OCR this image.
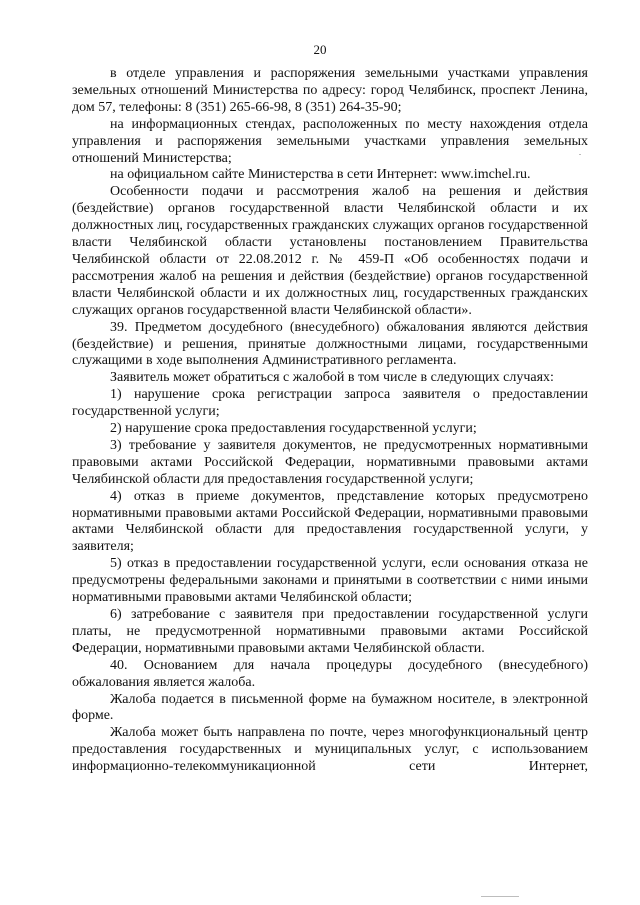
20

в отделе управления и распоряжения земельными участками управления земельных отношений Министерства по адресу: город Челябинск, проспект Ленина, дом 57, телефоны: 8 (351) 265-66-98, 8 (351) 264-35-90;

на информационных стендах, расположенных по месту нахождения отдела управления и распоряжения земельными участками управления земельных отношений Министерства;

на официальном сайте Министерства в сети Интернет: www.imchel.ru.

Особенности подачи и рассмотрения жалоб на решения и действия (бездействие) органов государственной власти Челябинской области и их должностных лиц, государственных гражданских служащих органов государственной власти Челябинской области установлены постановлением Правительства Челябинской области от 22.08.2012 г. № 459-П «Об особенностях подачи и рассмотрения жалоб на решения и действия (бездействие) органов государственной власти Челябинской области и их должностных лиц, государственных гражданских служащих органов государственной власти Челябинской области».

39. Предметом досудебного (внесудебного) обжалования являются действия (бездействие) и решения, принятые должностными лицами, государственными служащими в ходе выполнения Административного регламента.

Заявитель может обратиться с жалобой в том числе в следующих случаях:

1) нарушение срока регистрации запроса заявителя о предоставлении государственной услуги;

2) нарушение срока предоставления государственной услуги;

3) требование у заявителя документов, не предусмотренных нормативными правовыми актами Российской Федерации, нормативными правовыми актами Челябинской области для предоставления государственной услуги;

4) отказ в приеме документов, представление которых предусмотрено нормативными правовыми актами Российской Федерации, нормативными правовыми актами Челябинской области для предоставления государственной услуги, у заявителя;

5) отказ в предоставлении государственной услуги, если основания отказа не предусмотрены федеральными законами и принятыми в соответствии с ними иными нормативными правовыми актами Челябинской области;

6) затребование с заявителя при предоставлении государственной услуги платы, не предусмотренной нормативными правовыми актами Российской Федерации, нормативными правовыми актами Челябинской области.

40. Основанием для начала процедуры досудебного (внесудебного) обжалования является жалоба.

Жалоба подается в письменной форме на бумажном носителе, в электронной форме.

Жалоба может быть направлена по почте, через многофункциональный центр предоставления государственных и муниципальных услуг, с использованием информационно-телекоммуникационной сети Интернет,
